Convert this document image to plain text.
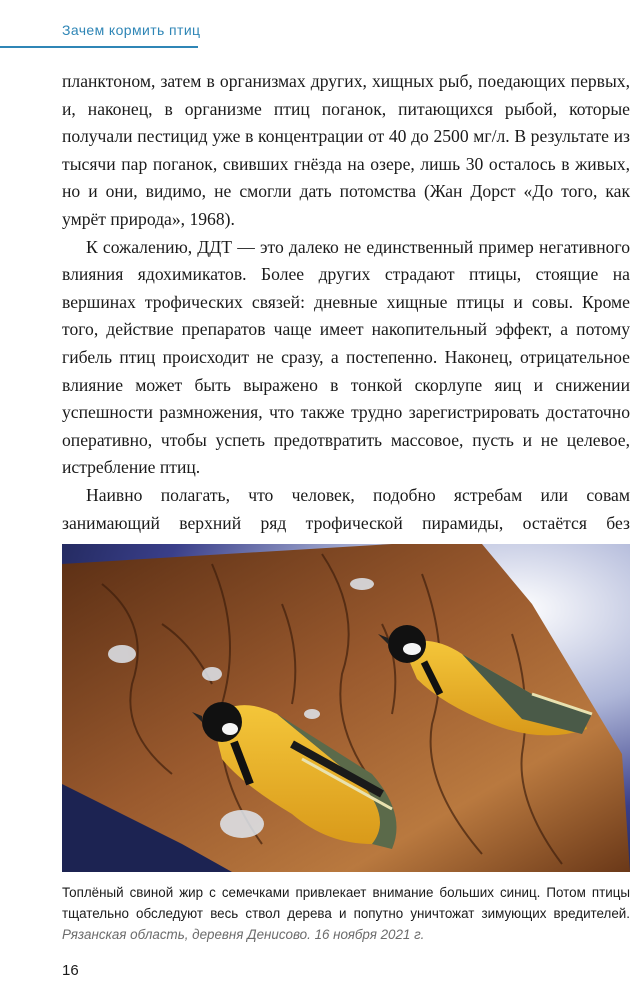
Зачем кормить птиц

планктоном, затем в организмах других, хищных рыб, поедающих первых, и, наконец, в организме птиц поганок, питающихся рыбой, которые получали пестицид уже в концентрации от 40 до 2500 мг/л. В результате из тысячи пар поганок, свивших гнёзда на озере, лишь 30 осталось в живых, но и они, видимо, не смогли дать потомства (Жан Дорст «До того, как умрёт природа», 1968).

К сожалению, ДДТ — это далеко не единственный пример негативного влияния ядохимикатов. Более других страдают птицы, стоящие на вершинах трофических связей: дневные хищные птицы и совы. Кроме того, действие препаратов чаще имеет накопительный эффект, а потому гибель птиц происходит не сразу, а постепенно. Наконец, отрицательное влияние может быть выражено в тонкой скорлупе яиц и снижении успешности размножения, что также трудно зарегистрировать достаточно оперативно, чтобы успеть предотвратить массовое, пусть и не целевое, истребление птиц.

Наивно полагать, что человек, подобно ястребам или совам занимающий верхний ряд трофической пирамиды, остаётся без

Топлёный свиной жир с семечками привлекает внимание больших синиц. Потом птицы тщательно обследуют весь ствол дерева и попутно уничтожат зимующих вредителей. Рязанская область, деревня Денисово. 16 ноября 2021 г.
16
